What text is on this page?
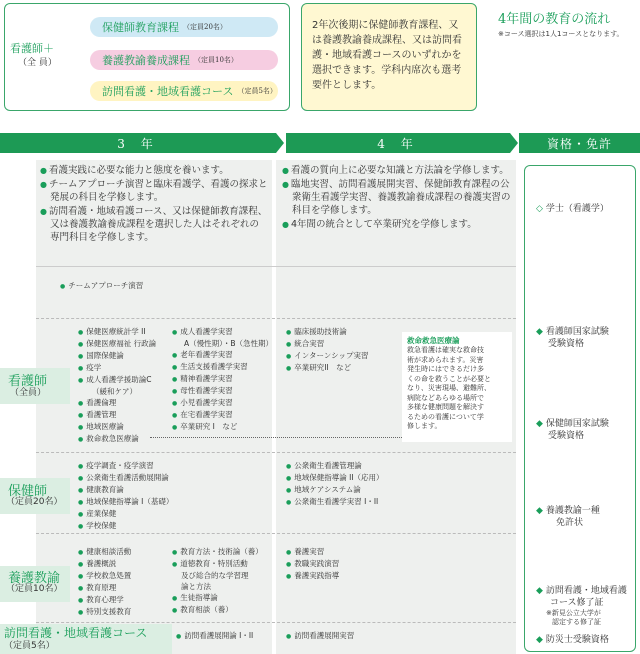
看護師＋
（全 員）
保健師教育課程 （定員20名）
養護教諭養成課程 （定員10名）
訪問看護・地域看護コース （定員5名）
2年次後期に保健師教育課程、又は養護教諭養成課程、又は訪問看護・地域看護コースのいずれかを選択できます。学科内席次も選考要件とします。
4年間の教育の流れ
※コース選択は1人1コースとなります。
3 年	4 年	資格・免許
● 看護実践に必要な能力と態度を養います。
● チームアプローチ演習と臨床看護学、看護の探求と発展の科目を学修します。
● 訪問看護・地域看護コース、又は保健師教育課程、又は養護教諭養成課程を選択した人はそれぞれの専門科目を学修します。
● 看護の質向上に必要な知識と方法論を学修します。
● 臨地実習、訪問看護展開実習、保健師教育課程の公衆衛生看護学実習、養護教諭養成課程の養護実習の科目を学修します。
● 4年間の統合として卒業研究を学修します。
● チームアプローチ演習
看護師
（全員）
● 保健医療統計学 II
● 保健医療福祉 行政論
● 国際保健論
● 疫学
● 成人看護学援助論C
（緩和ケア）
● 看護倫理
● 看護管理
● 地域医療論
● 救命救急医療論
● 成人看護学実習
A（慢性期）・B（急性期）
● 老年看護学実習
● 生活支援看護学実習
● 精神看護学実習
● 母性看護学実習
● 小児看護学実習
● 在宅看護学実習
● 卒業研究 I　など
● 臨床援助技術論
● 統合実習
● インターンシップ実習
● 卒業研究II　など
救命救急医療論
救急看護は確実な救命技
術が求められます。災害
発生時にはできるだけ多
くの命を救うことが必要と
なり、災害現場、避難所、
病院などあらゆる場所で
多様な健康問題を解決す
るための看護について学
修します。
保健師
（定員20名）
● 疫学調査・疫学演習
● 公衆衛生看護活動展開論
● 健康教育論
● 地域保健指導論 I（基礎）
● 産業保健
● 学校保健
● 公衆衛生看護管理論
● 地域保健指導論 II（応用）
● 地域ケアシステム論
● 公衆衛生看護学実習 I・II
養護教諭
（定員10名）
● 健康相談活動
● 養護概説
● 学校救急処置
● 教育原理
● 教育心理学
● 特別支援教育
● 教育方法・技術論（養）
● 道徳教育・特別活動
及び総合的な学習理
論と方法
● 生徒指導論
● 教育相談（養）
● 養護実習
● 教職実践演習
● 養護実践指導
訪問看護・地域看護コース
（定員5名）
● 訪問看護展開論 I・II
●	訪問看護展開実習
◇ 学士（看護学）
◆ 看護師国家試験
受験資格
◆ 保健師国家試験
受験資格
◆ 養護教諭一種
免許状
◆ 訪問看護・地域看護
コース修了証
※新見公立大学が
認定する修了証
◆ 防災士受験資格
